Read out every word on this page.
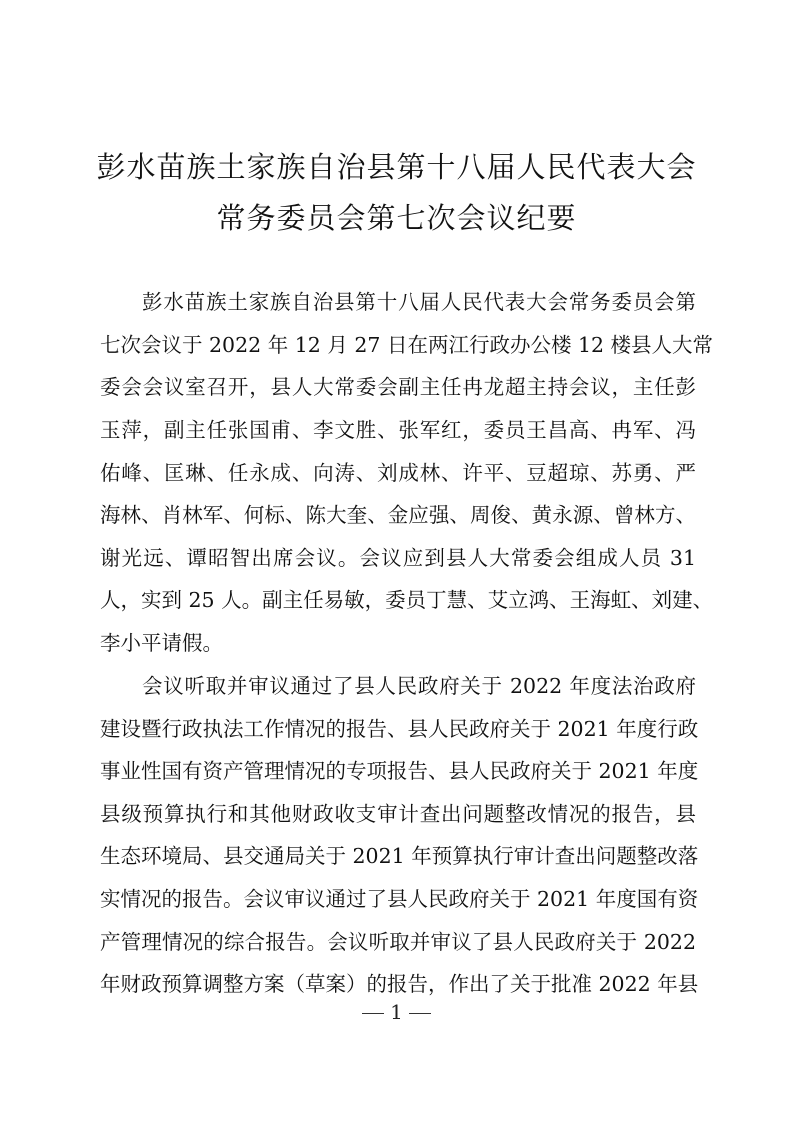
彭水苗族土家族自治县第十八届人民代表大会
常务委员会第七次会议纪要
彭水苗族土家族自治县第十八届人民代表大会常务委员会第
七次会议于 2022 年 12 月 27 日在两江行政办公楼 12 楼县人大常
委会会议室召开，县人大常委会副主任冉龙超主持会议，主任彭
玉萍，副主任张国甫、李文胜、张军红，委员王昌高、冉军、冯
佑峰、匡琳、任永成、向涛、刘成林、许平、豆超琼、苏勇、严
海林、肖林军、何标、陈大奎、金应强、周俊、黄永源、曾林方、
谢光远、谭昭智出席会议。会议应到县人大常委会组成人员 31
人，实到 25 人。副主任易敏，委员丁慧、艾立鸿、王海虹、刘建、
李小平请假。
会议听取并审议通过了县人民政府关于 2022 年度法治政府
建设暨行政执法工作情况的报告、县人民政府关于 2021 年度行政
事业性国有资产管理情况的专项报告、县人民政府关于 2021 年度
县级预算执行和其他财政收支审计查出问题整改情况的报告，县
生态环境局、县交通局关于 2021 年预算执行审计查出问题整改落
实情况的报告。会议审议通过了县人民政府关于 2021 年度国有资
产管理情况的综合报告。会议听取并审议了县人民政府关于 2022
年财政预算调整方案（草案）的报告，作出了关于批准 2022 年县
1
